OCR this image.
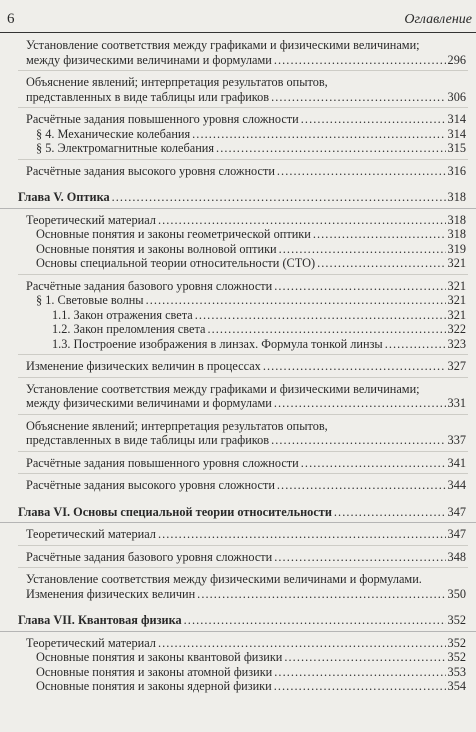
6	Оглавление
Установление соответствия между графиками и физическими величинами;
между физическими величинами и формулами . . .	296
Объяснение явлений; интерпретация результатов опытов,
представленных в виде таблицы или графиков . . .	306
Расчётные задания повышенного уровня сложности . . .	314
§ 4. Механические колебания . . .	314
§ 5. Электромагнитные колебания . . .	315
Расчётные задания высокого уровня сложности . . .	316
Глава V. Оптика . . .	318
Теоретический материал . . .	318
Основные понятия и законы геометрической оптики . . .	318
Основные понятия и законы волновой оптики . . .	319
Основы специальной теории относительности (СТО) . . .	321
Расчётные задания базового уровня сложности . . .	321
§ 1. Световые волны . . .	321
1.1. Закон отражения света . . .	321
1.2. Закон преломления света . . .	322
1.3. Построение изображения в линзах. Формула тонкой линзы . . .	323
Изменение физических величин в процессах . . .	327
Установление соответствия между графиками и физическими величинами;
между физическими величинами и формулами . . .	331
Объяснение явлений; интерпретация результатов опытов,
представленных в виде таблицы или графиков . . .	337
Расчётные задания повышенного уровня сложности . . .	341
Расчётные задания высокого уровня сложности . . .	344
Глава VI. Основы специальной теории относительности . . .	347
Теоретический материал . . .	347
Расчётные задания базового уровня сложности . . .	348
Установление соответствия между физическими величинами и формулами.
Изменения физических величин . . .	350
Глава VII. Квантовая физика . . .	352
Теоретический материал . . .	352
Основные понятия и законы квантовой физики . . .	352
Основные понятия и законы атомной физики . . .	353
Основные понятия и законы ядерной физики . . .	354
